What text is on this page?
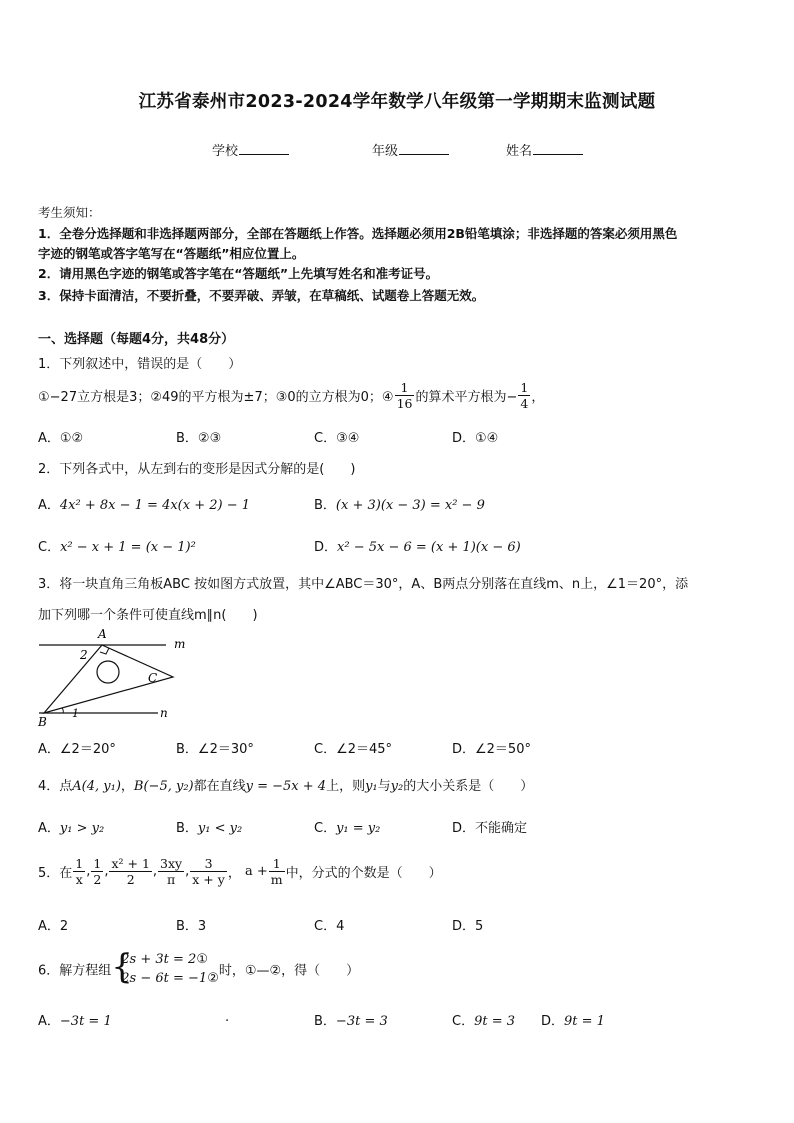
江苏省泰州市2023-2024学年数学八年级第一学期期末监测试题
学校	年级	姓名
考生须知：
1．全卷分选择题和非选择题两部分，全部在答题纸上作答。选择题必须用2B铅笔填涂；非选择题的答案必须用黑色
字迹的钢笔或答字笔写在“答题纸”相应位置上。
2．请用黑色字迹的钢笔或答字笔在“答题纸”上先填写姓名和准考证号。
3．保持卡面清洁，不要折叠，不要弄破、弄皱，在草稿纸、试题卷上答题无效。
一、选择题（每题4分，共48分）
1．下列叙述中，错误的是（　　）
①−27立方根是3；②49的平方根为±7；③0的立方根为0；④ $\frac{1}{16}$ 的算术平方根为− $\frac{1}{4}$ ，
A．①②	B．②③	C．③④	D．①④
2．下列各式中，从左到右的变形是因式分解的是(　　)
A．4x² + 8x − 1 = 4x(x + 2) − 1	B．(x + 3)(x − 3) = x² − 9
C．x² − x + 1 = (x − 1)²	D．x² − 5x − 6 = (x + 1)(x − 6)
3．将一块直角三角板ABC 按如图方式放置，其中∠ABC＝30°，A、B两点分别落在直线m、n上，∠1＝20°，添
加下列哪一个条件可使直线m∥n(　　)
A
m
2
C
1	n
B
A．∠2＝20°	B．∠2＝30°	C．∠2＝45°	D．∠2＝50°
4．点A(4, y₁)，B(−5, y₂)都在直线y = −5x + 4上，则y₁与y₂的大小关系是（　　）
A．y₁ > y₂	B．y₁ < y₂	C．y₁ = y₂	D．不能确定
5．在 $\frac{1}{x}$ , $\frac{1}{2}$ , $\frac{\text{x² + 1}}{2}$ , $\frac{3xy}{\pi}$ , $\frac{3}{x + y}$ ， $a + \frac{1}{m}$ 中，分式的个数是（　　）
A．2	B．3	C．4	D．5
6．解方程组 {
2s + 3t = 2①
2s − 6t = −1② 时，①—②，得（　　）
A．−3t = 1	.	B．−3t = 3	C．9t = 3 D．9t = 1
